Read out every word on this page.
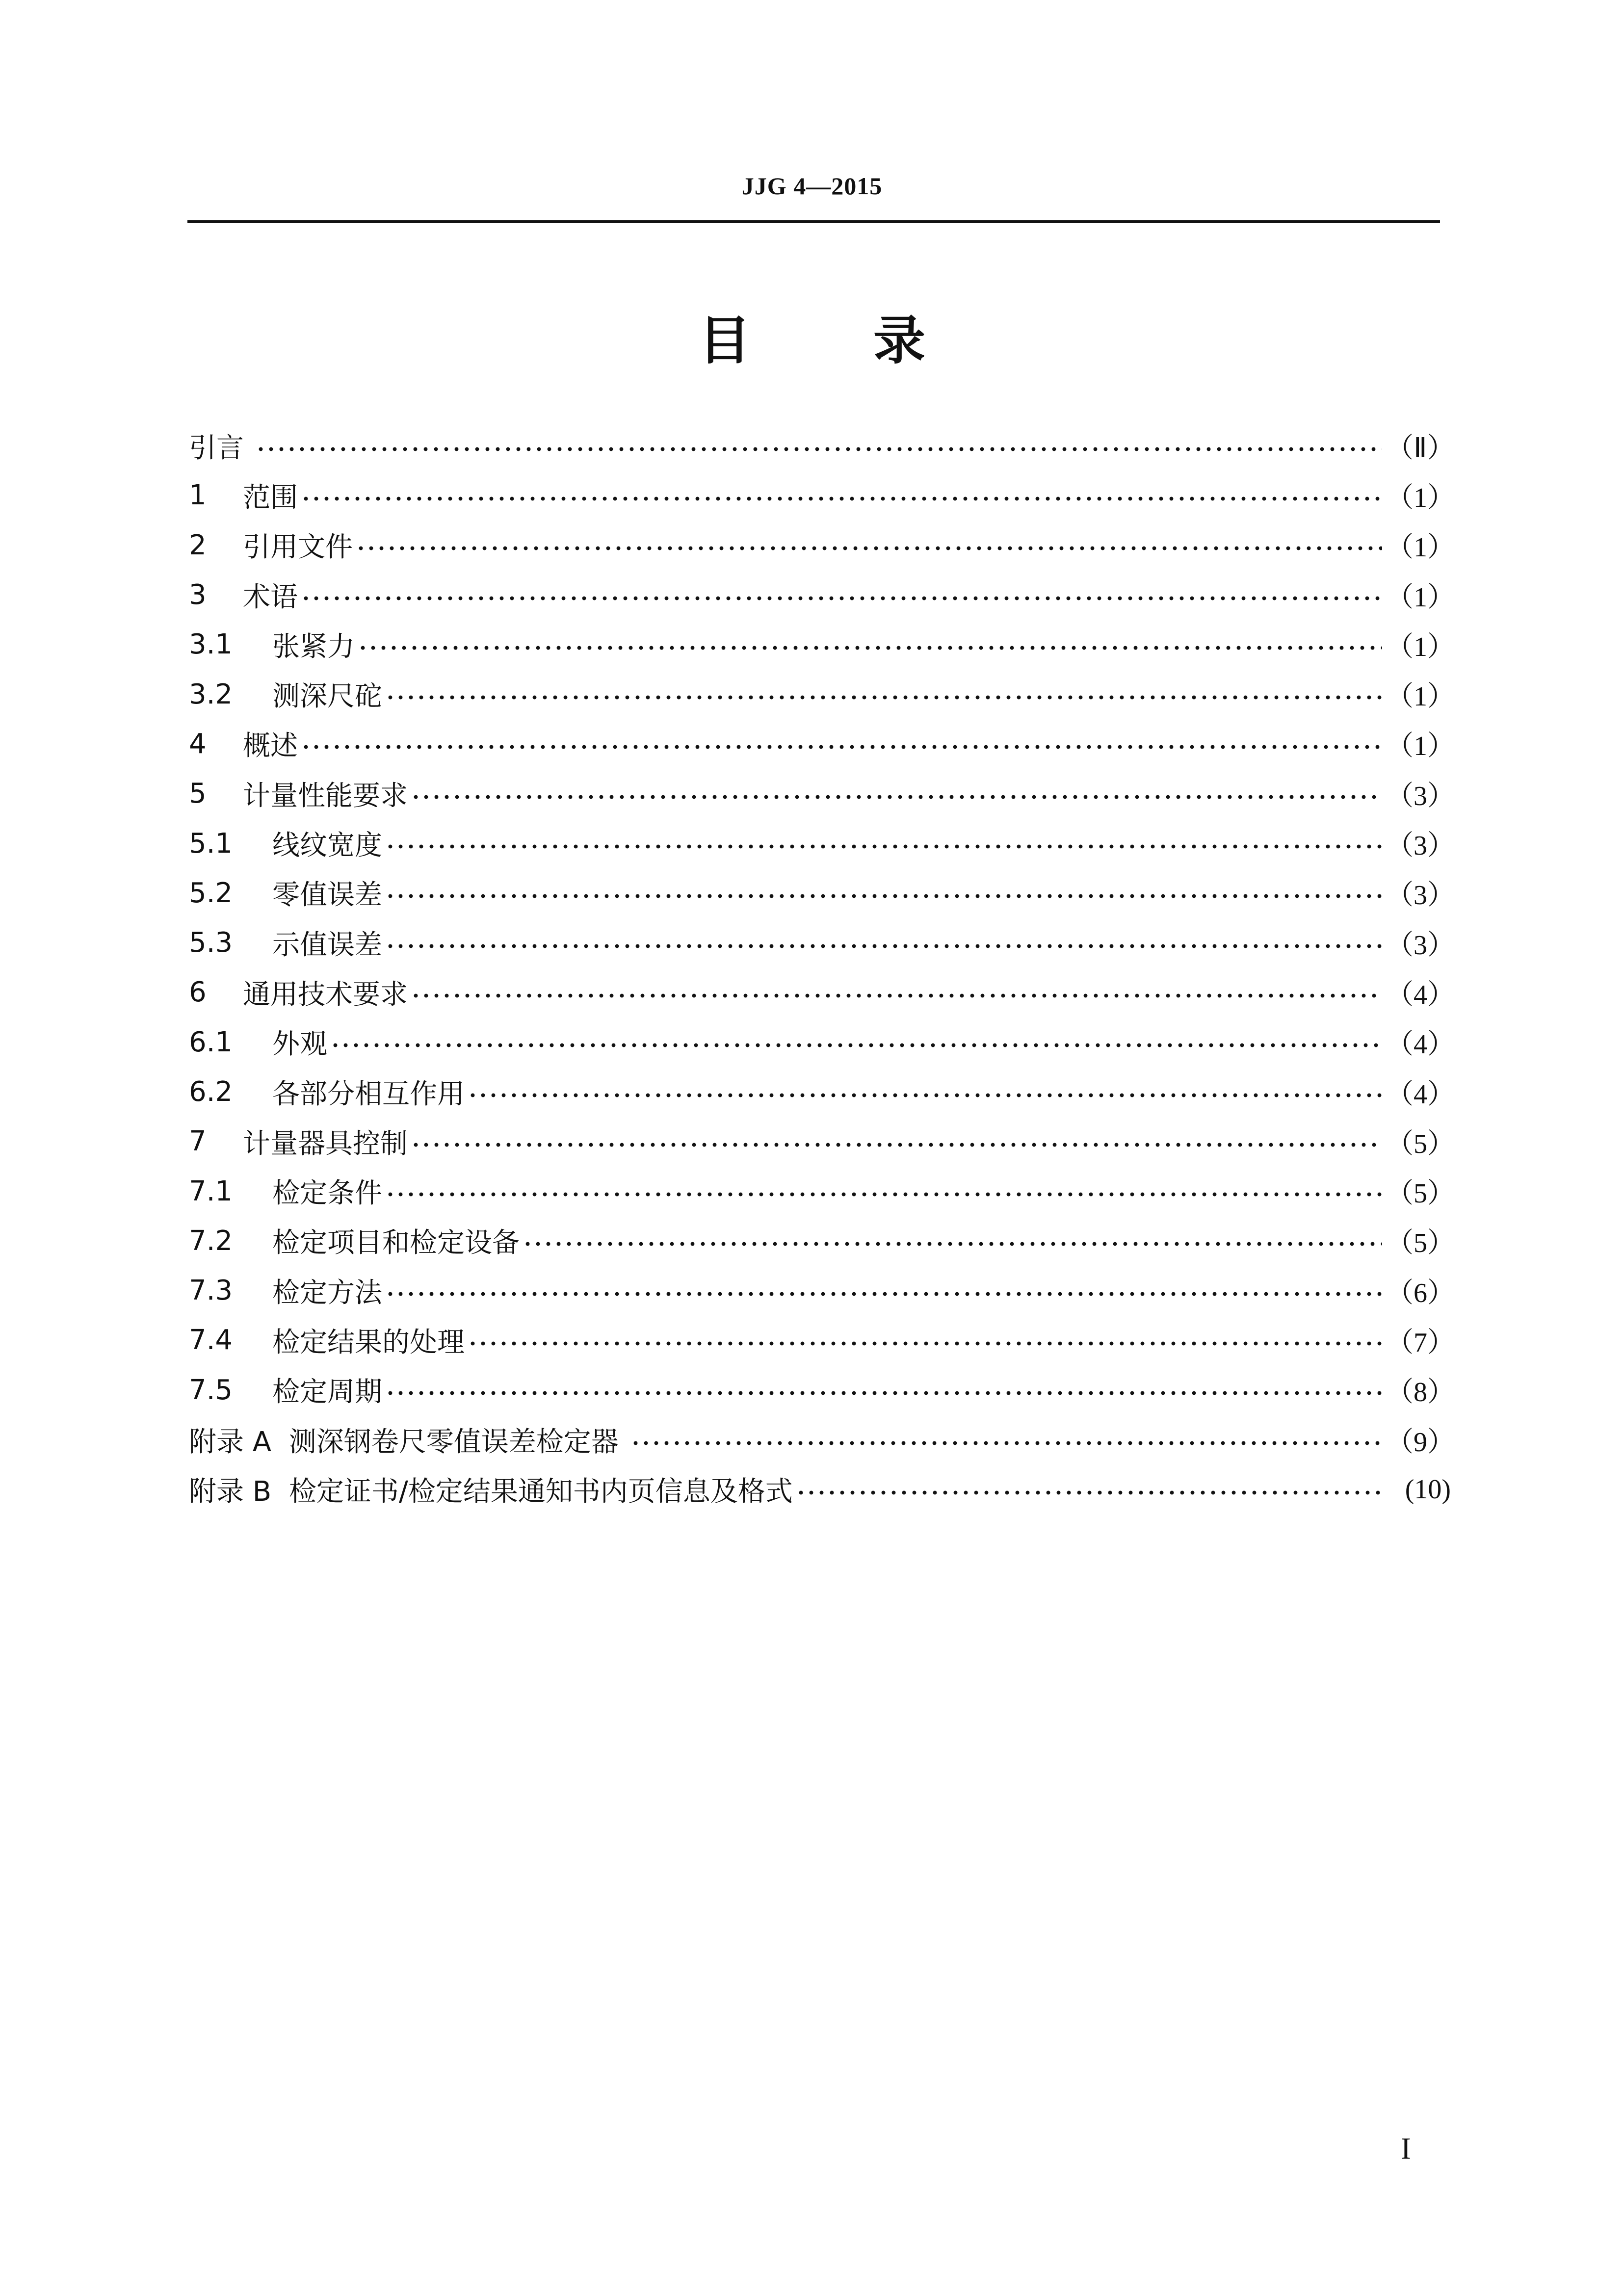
JJG 4—2015
目 录
引言	（Ⅱ）
1	范围	（1）
2	引用文件	（1）
3	术语	（1）
3.1	张紧力	（1）
3.2	测深尺砣	（1）
4	概述	（1）
5	计量性能要求	（3）
5.1	线纹宽度	（3）
5.2	零值误差	（3）
5.3	示值误差	（3）
6	通用技术要求	（4）
6.1	外观	（4）
6.2	各部分相互作用	（4）
7	计量器具控制	（5）
7.1	检定条件	（5）
7.2	检定项目和检定设备	（5）
7.3	检定方法	（6）
7.4	检定结果的处理	（7）
7.5	检定周期	（8）
附录 A 测深钢卷尺零值误差检定器	（9）
附录 B 检定证书/检定结果通知书内页信息及格式	(10)
I
